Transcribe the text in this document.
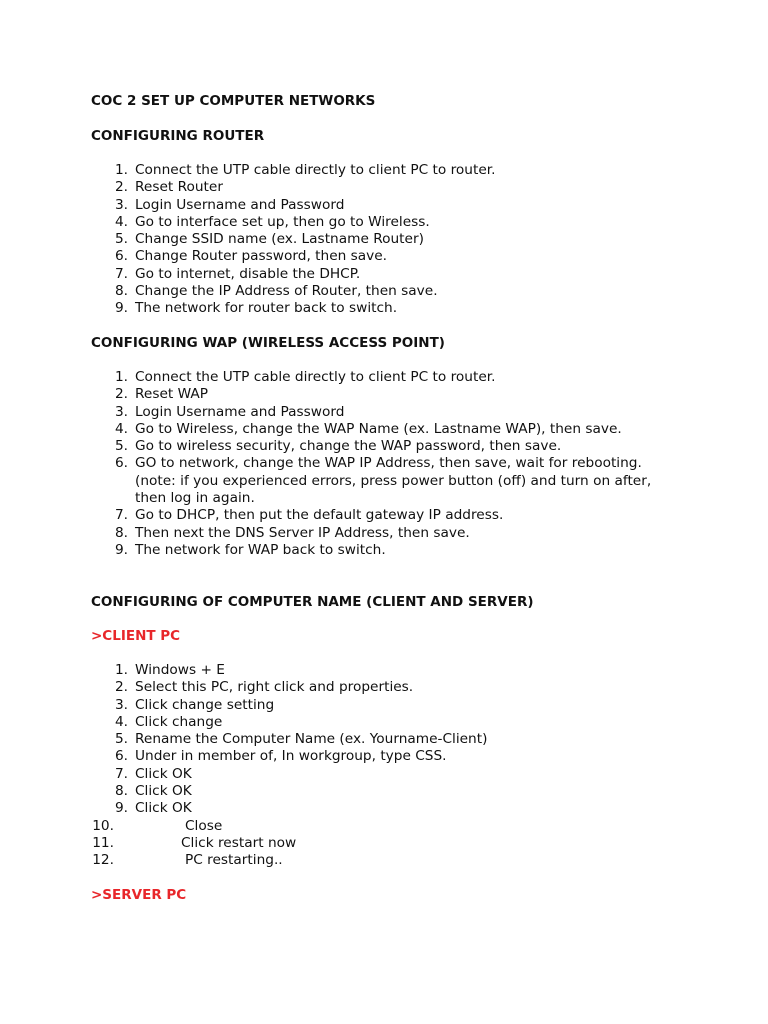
COC 2 SET UP COMPUTER NETWORKS
CONFIGURING ROUTER
1. Connect the UTP cable directly to client PC to router.
2. Reset Router
3. Login Username and Password
4. Go to interface set up, then go to Wireless.
5. Change SSID name (ex. Lastname Router)
6. Change Router password, then save.
7. Go to internet, disable the DHCP.
8. Change the IP Address of Router, then save.
9. The network for router back to switch.
CONFIGURING WAP (WIRELESS ACCESS POINT)
1. Connect the UTP cable directly to client PC to router.
2. Reset WAP
3. Login Username and Password
4. Go to Wireless, change the WAP Name (ex. Lastname WAP), then save.
5. Go to wireless security, change the WAP password, then save.
6. GO to network, change the WAP IP Address, then save, wait for rebooting. (note: if you experienced errors, press power button (off) and turn on after, then log in again.
7. Go to DHCP, then put the default gateway IP address.
8. Then next the DNS Server IP Address, then save.
9. The network for WAP back to switch.
CONFIGURING OF COMPUTER NAME (CLIENT AND SERVER)
>CLIENT PC
1. Windows + E
2. Select this PC, right click and properties.
3. Click change setting
4. Click change
5. Rename the Computer Name (ex. Yourname-Client)
6. Under in member of, In workgroup, type CSS.
7. Click OK
8. Click OK
9. Click OK
10.	Close
11.	Click restart now
12.	PC restarting..
>SERVER PC
